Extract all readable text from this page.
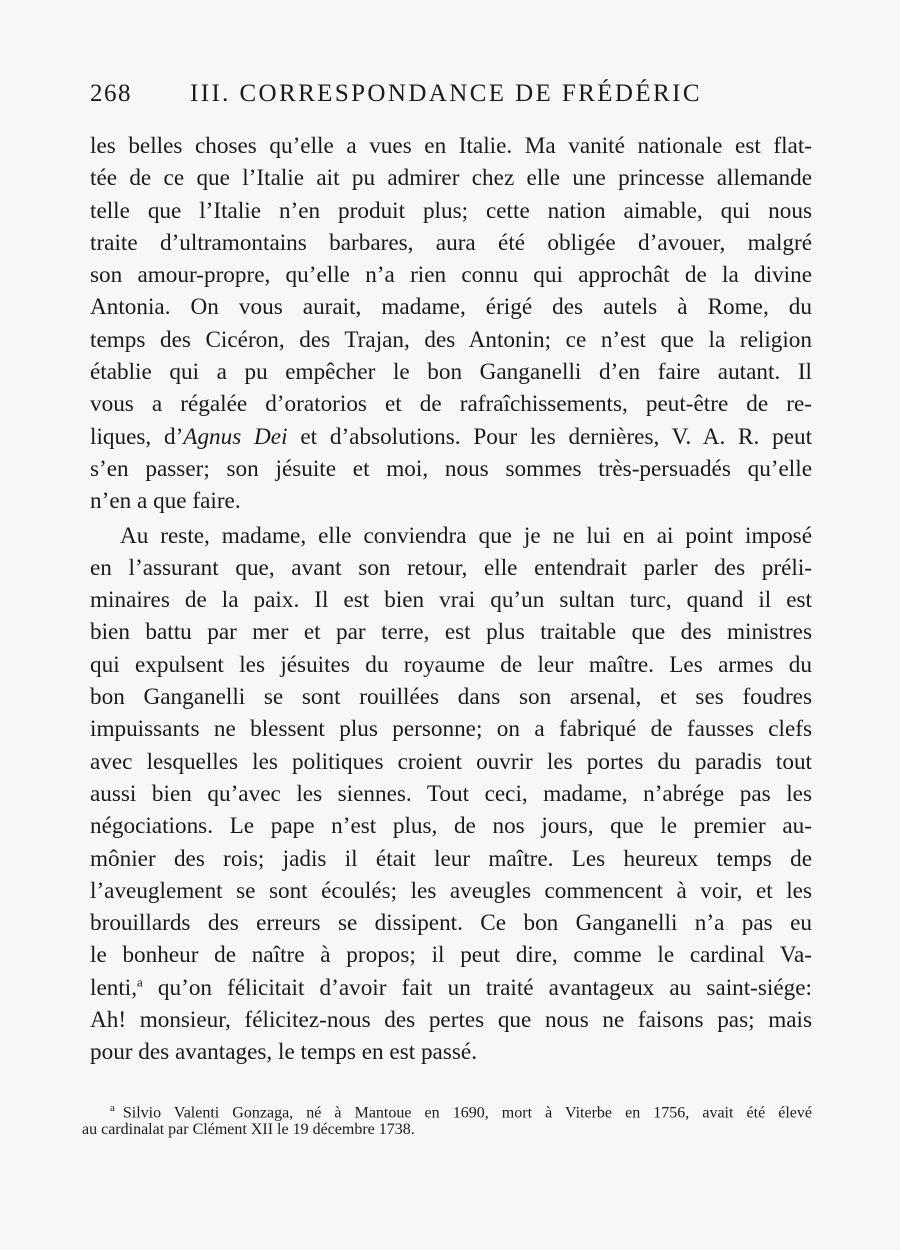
268 III. CORRESPONDANCE DE FRÉDÉRIC
les belles choses qu’elle a vues en Italie. Ma vanité nationale est flat-
tée de ce que l’Italie ait pu admirer chez elle une princesse allemande
telle que l’Italie n’en produit plus; cette nation aimable, qui nous
traite d’ultramontains barbares, aura été obligée d’avouer, malgré
son amour-propre, qu’elle n’a rien connu qui approchât de la divine
Antonia. On vous aurait, madame, érigé des autels à Rome, du
temps des Cicéron, des Trajan, des Antonin; ce n’est que la religion
établie qui a pu empêcher le bon Ganganelli d’en faire autant. Il
vous a régalée d’oratorios et de rafraîchissements, peut-être de re-
liques, d’Agnus Dei et d’absolutions. Pour les dernières, V. A. R. peut
s’en passer; son jésuite et moi, nous sommes très-persuadés qu’elle
n’en a que faire.
Au reste, madame, elle conviendra que je ne lui en ai point imposé
en l’assurant que, avant son retour, elle entendrait parler des préli-
minaires de la paix. Il est bien vrai qu’un sultan turc, quand il est
bien battu par mer et par terre, est plus traitable que des ministres
qui expulsent les jésuites du royaume de leur maître. Les armes du
bon Ganganelli se sont rouillées dans son arsenal, et ses foudres
impuissants ne blessent plus personne; on a fabriqué de fausses clefs
avec lesquelles les politiques croient ouvrir les portes du paradis tout
aussi bien qu’avec les siennes. Tout ceci, madame, n’abrége pas les
négociations. Le pape n’est plus, de nos jours, que le premier au-
mônier des rois; jadis il était leur maître. Les heureux temps de
l’aveuglement se sont écoulés; les aveugles commencent à voir, et les
brouillards des erreurs se dissipent. Ce bon Ganganelli n’a pas eu
le bonheur de naître à propos; il peut dire, comme le cardinal Va-
lenti,$^a$ qu’on félicitait d’avoir fait un traité avantageux au saint-siége:
Ah! monsieur, félicitez-nous des pertes que nous ne faisons pas; mais
pour des avantages, le temps en est passé.
$^a$ Silvio Valenti Gonzaga, né à Mantoue en 1690, mort à Viterbe en 1756, avait été élevé
au cardinalat par Clément XII le 19 décembre 1738.
